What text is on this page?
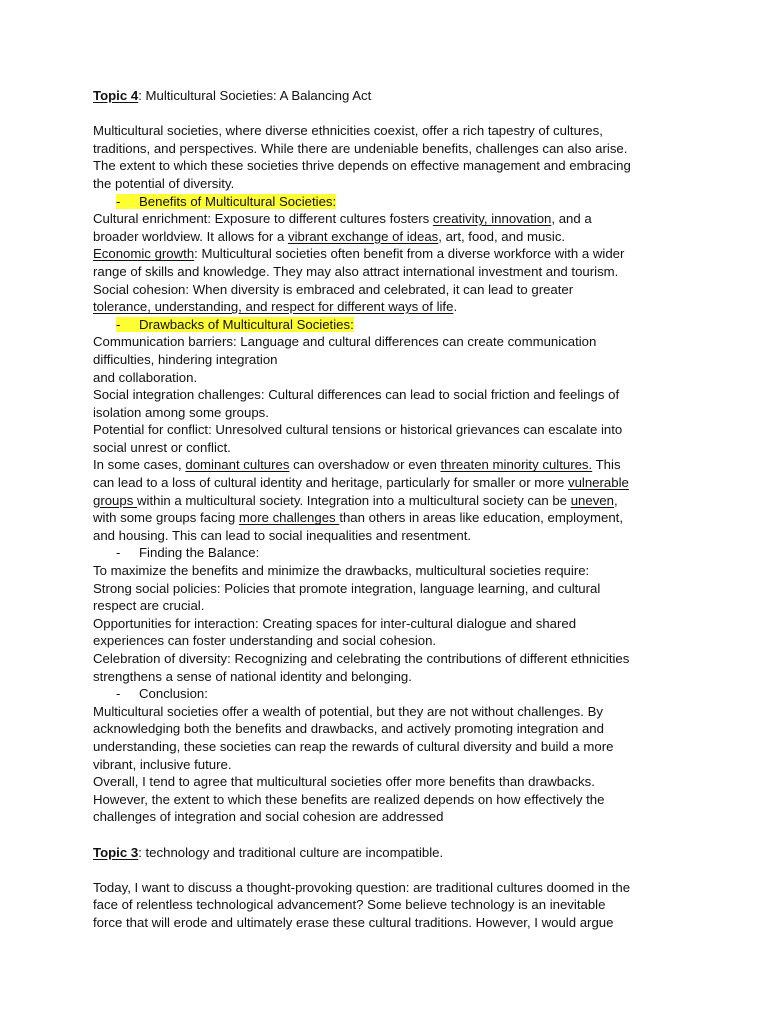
Topic 4: Multicultural Societies: A Balancing Act
Multicultural societies, where diverse ethnicities coexist, offer a rich tapestry of cultures,
traditions, and perspectives. While there are undeniable benefits, challenges can also arise.
The extent to which these societies thrive depends on effective management and embracing
the potential of diversity.
- Benefits of Multicultural Societies:
Cultural enrichment: Exposure to different cultures fosters creativity, innovation, and a
broader worldview. It allows for a vibrant exchange of ideas, art, food, and music.
Economic growth: Multicultural societies often benefit from a diverse workforce with a wider
range of skills and knowledge. They may also attract international investment and tourism.
Social cohesion: When diversity is embraced and celebrated, it can lead to greater
tolerance, understanding, and respect for different ways of life.
- Drawbacks of Multicultural Societies:
Communication barriers: Language and cultural differences can create communication
difficulties, hindering integration
and collaboration.
Social integration challenges: Cultural differences can lead to social friction and feelings of
isolation among some groups.
Potential for conflict: Unresolved cultural tensions or historical grievances can escalate into
social unrest or conflict.
In some cases, dominant cultures can overshadow or even threaten minority cultures. This
can lead to a loss of cultural identity and heritage, particularly for smaller or more vulnerable
groups within a multicultural society. Integration into a multicultural society can be uneven,
with some groups facing more challenges than others in areas like education, employment,
and housing. This can lead to social inequalities and resentment.
- Finding the Balance:
To maximize the benefits and minimize the drawbacks, multicultural societies require:
Strong social policies: Policies that promote integration, language learning, and cultural
respect are crucial.
Opportunities for interaction: Creating spaces for inter-cultural dialogue and shared
experiences can foster understanding and social cohesion.
Celebration of diversity: Recognizing and celebrating the contributions of different ethnicities
strengthens a sense of national identity and belonging.
- Conclusion:
Multicultural societies offer a wealth of potential, but they are not without challenges. By
acknowledging both the benefits and drawbacks, and actively promoting integration and
understanding, these societies can reap the rewards of cultural diversity and build a more
vibrant, inclusive future.
Overall, I tend to agree that multicultural societies offer more benefits than drawbacks.
However, the extent to which these benefits are realized depends on how effectively the
challenges of integration and social cohesion are addressed
Topic 3: technology and traditional culture are incompatible.
Today, I want to discuss a thought-provoking question: are traditional cultures doomed in the
face of relentless technological advancement? Some believe technology is an inevitable
force that will erode and ultimately erase these cultural traditions. However, I would argue
